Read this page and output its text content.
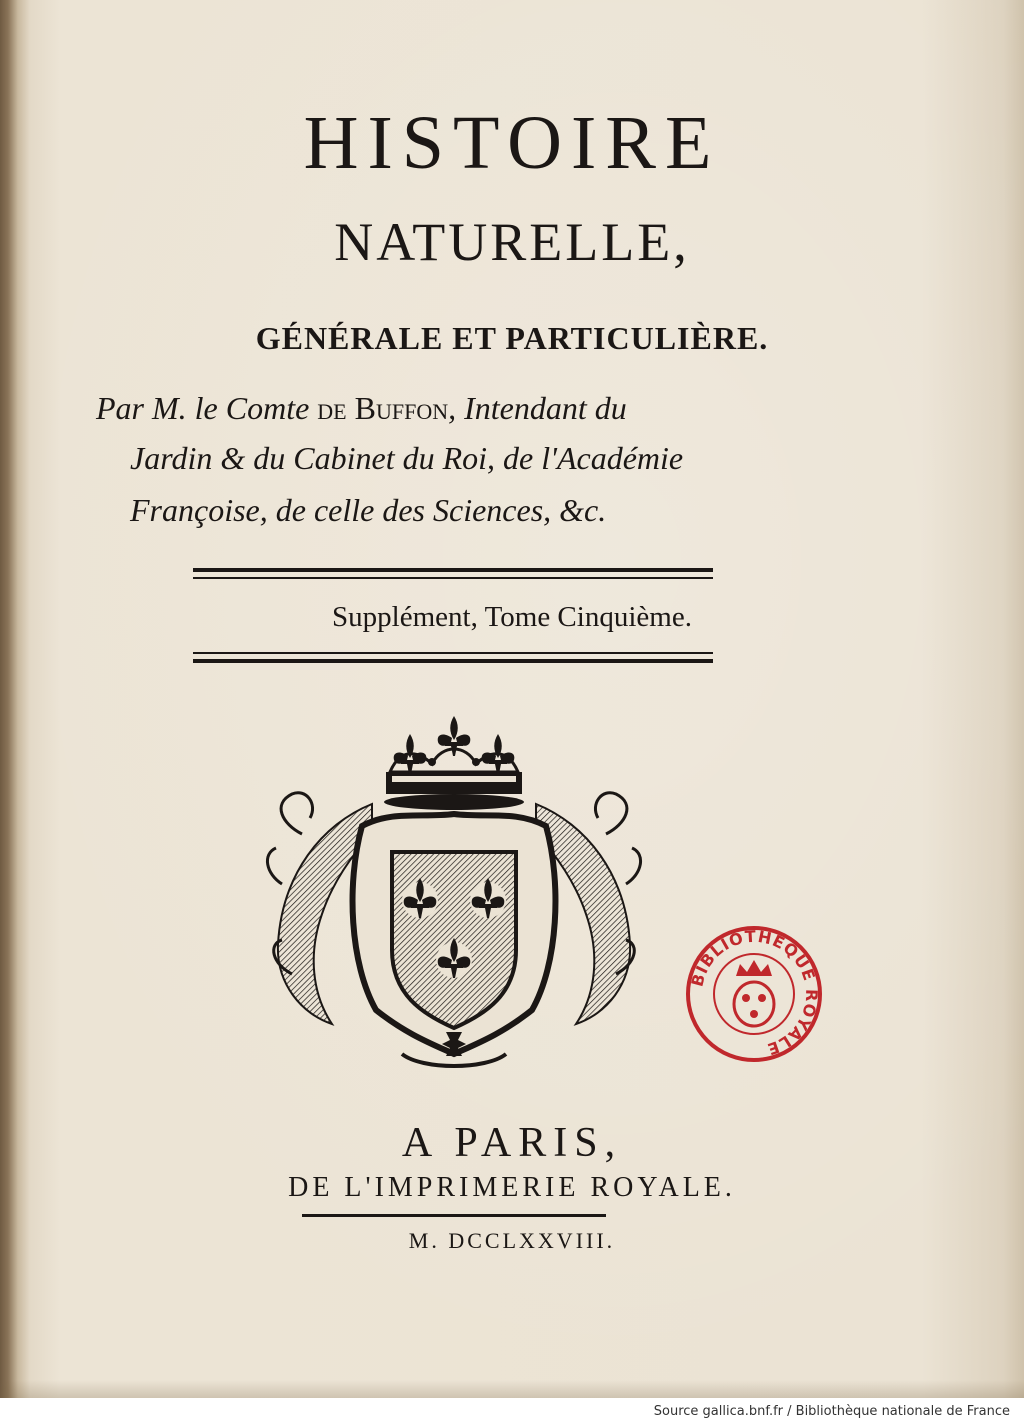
HISTOIRE
NATURELLE,
GÉNÉRALE ET PARTICULIÈRE.
Par M. le Comte de Buffon, Intendant du
Jardin & du Cabinet du Roi, de l'Académie
Françoise, de celle des Sciences, &c.
Supplément, Tome Cinquième.
BIBLIOTHEQUE ROYALE
A PARIS,
DE L'IMPRIMERIE ROYALE.
M. DCCLXXVIII.
Source gallica.bnf.fr / Bibliothèque nationale de France
